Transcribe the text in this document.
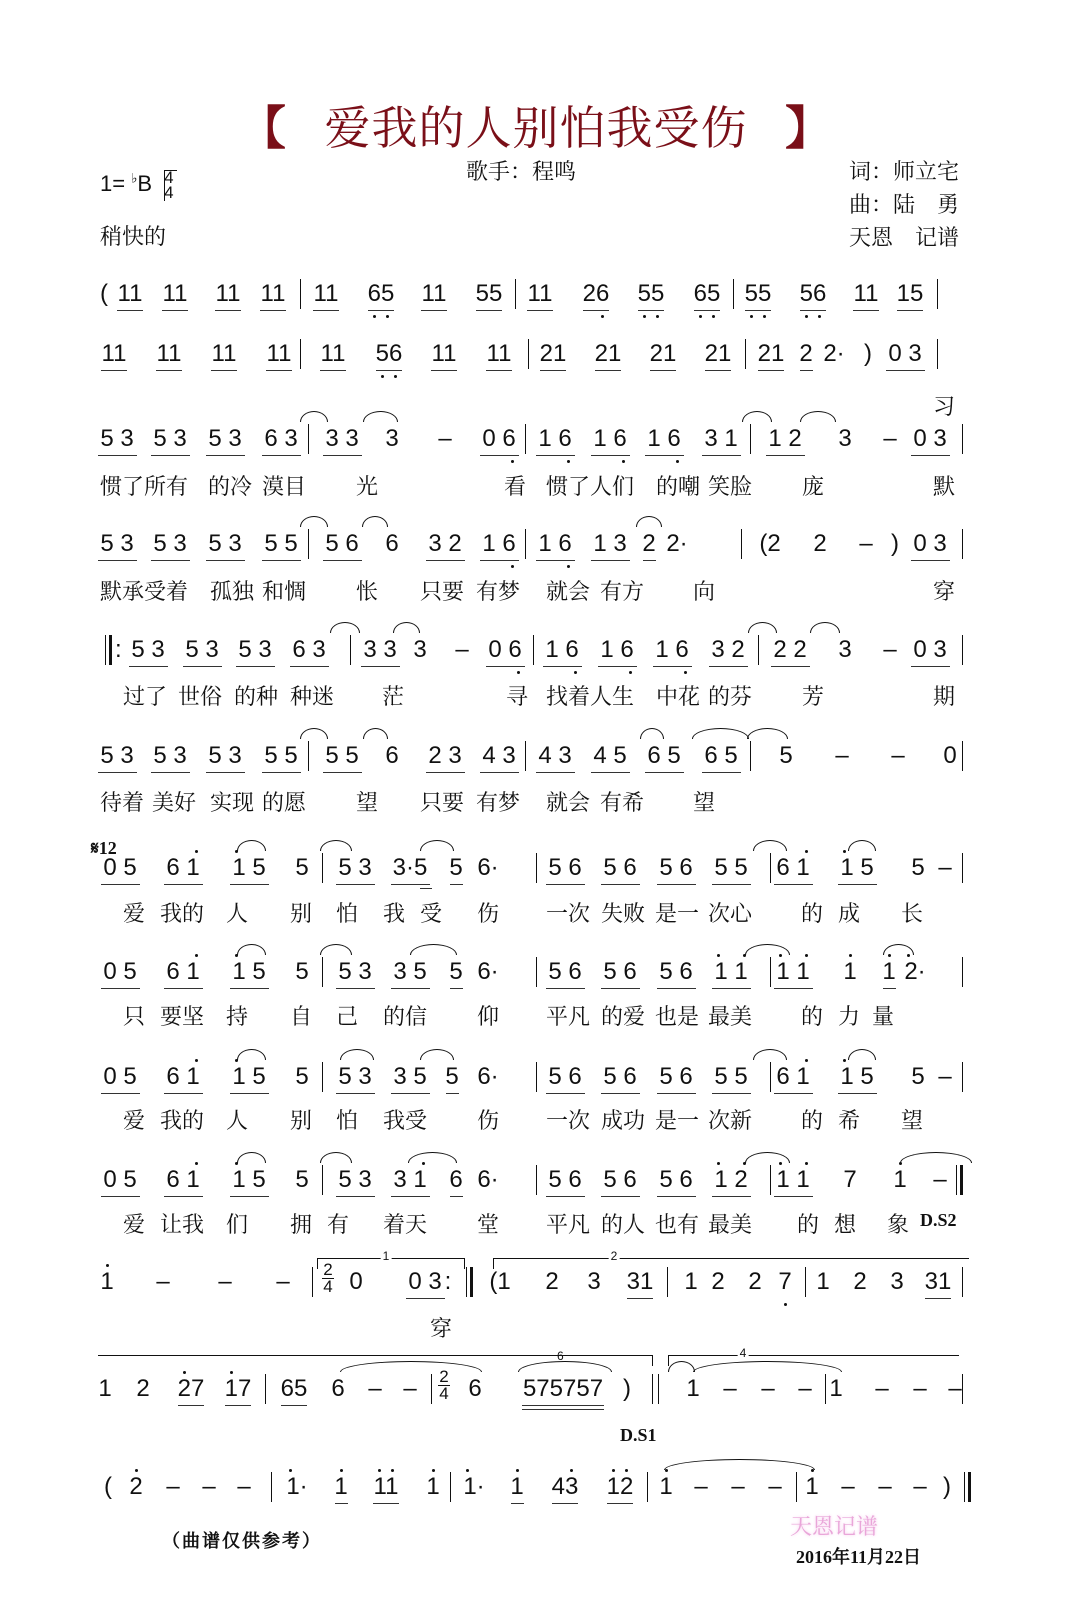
【 爱我的人别怕我受伤 】
1= ♭B 4
4
稍快的
歌手：程鸣	词：师立宅
曲：陆　勇
天恩　记谱
( 11 11 11 11 11 65 11 55 11 26 55 65 55 56 11 15
11 11 11 11 11 56 11 11 21 21 21 21 21 2 2· ) 0 3
5 3 5 3 5 3 6 3 3 3 3 – 0 6 1 6 1 6 1 6 3 1 1 2 3 – 0 3
5 3 5 3 5 3 5 5 5 6 6 3 2 1 6 1 6 1 3 2 2·	(2 2 – ) 0 3
: 5 3 5 3 5 3 6 3 3 3 3 – 0 6 1 6 1 6 1 6 3 2 2 2 3 – 0 3
5 3 5 3 5 3 5 5 5 5 6 2 3 4 3 4 3 4 5 6 5 6 5 5 – – 0
0 5 6 1 1 5 5 5 3 3·5 5 6· 5 6 5 6 5 6 5 5 6 1 1 5 5 –
0 5 6 1 1 5 5 5 3 3 5 5 6· 5 6 5 6 5 6 1 1 1 1 1 1 2·
0 5 6 1 1 5 5 5 3 3 5 5 6· 5 6 5 6 5 6 5 5 6 1 1 5 5 –
0 5 6 1 1 5 5 5 3 3 1 6 6· 5 6 5 6 5 6 1 2 1 1 7 1 –
1 – – – 2
4 0 0 3 : (1 2 3 31 1 2 2 7 1 2 3 31
1 2 27 17 65 6 – – 2
4 6 575757 ) 1 – – – 1 – – –
( 2 – – – 1· 1 11 1 1· 1 43 12 1 – – – 1 – – – )
习
惯了所有 的冷 漠目 光	看 惯了人们 的嘲 笑脸 庞	默
默承受着 孤独 和惆 怅 只要 有梦 就会 有方 向	穿
过了 世俗 的种 种迷 茫	寻 找着人生 中花 的芬 芳	期
待着 美好 实现 的愿 望 只要 有梦 就会 有希 望
爱 我的 人 别 怕 我 受 伤 一次 失败 是一 次心 的 成 长
只 要坚 持 自 己 的信 仰 平凡 的爱 也是 最美 的 力 量
爱 我的 人 别 怕 我受 伤 一次 成功 是一 次新 的 希 望
爱 让我 们 拥 有 着天 堂 平凡 的人 也有 最美 的 想 象
穿
D.S2
D.S1
𝄋12
1	2
4
6
（曲谱仅供参考）
天恩记谱
2016年11月22日
